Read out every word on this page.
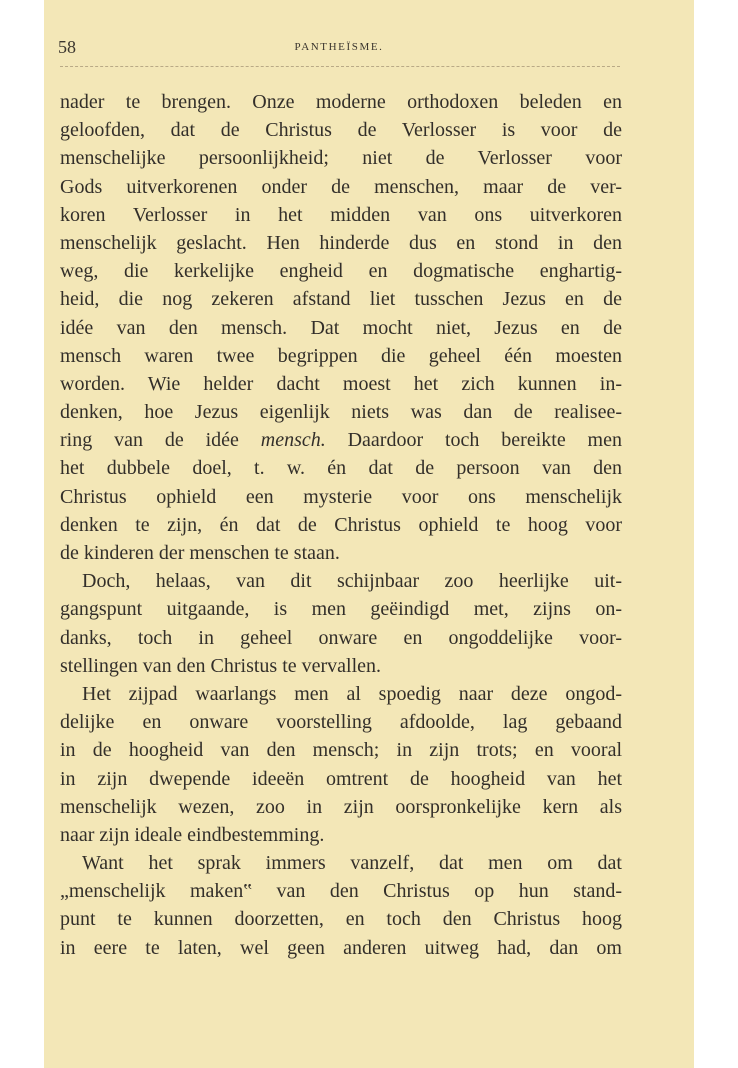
58	PANTHEÏSME.
nader te brengen. Onze moderne orthodoxen beleden en
geloofden, dat de Christus de Verlosser is voor de
menschelijke persoonlijkheid; niet de Verlosser voor
Gods uitverkorenen onder de menschen, maar de ver-
koren Verlosser in het midden van ons uitverkoren
menschelijk geslacht. Hen hinderde dus en stond in den
weg, die kerkelijke engheid en dogmatische enghartig-
heid, die nog zekeren afstand liet tusschen Jezus en de
idée van den mensch. Dat mocht niet, Jezus en de
mensch waren twee begrippen die geheel één moesten
worden. Wie helder dacht moest het zich kunnen in-
denken, hoe Jezus eigenlijk niets was dan de realisee-
ring van de idée mensch. Daardoor toch bereikte men
het dubbele doel, t. w. én dat de persoon van den
Christus ophield een mysterie voor ons menschelijk
denken te zijn, én dat de Christus ophield te hoog voor
de kinderen der menschen te staan.
Doch, helaas, van dit schijnbaar zoo heerlijke uit-
gangspunt uitgaande, is men geëindigd met, zijns on-
danks, toch in geheel onware en ongoddelijke voor-
stellingen van den Christus te vervallen.
Het zijpad waarlangs men al spoedig naar deze ongod-
delijke en onware voorstelling afdoolde, lag gebaand
in de hoogheid van den mensch; in zijn trots; en vooral
in zijn dwepende ideeën omtrent de hoogheid van het
menschelijk wezen, zoo in zijn oorspronkelijke kern als
naar zijn ideale eindbestemming.
Want het sprak immers vanzelf, dat men om dat
„menschelijk maken‟ van den Christus op hun stand-
punt te kunnen doorzetten, en toch den Christus hoog
in eere te laten, wel geen anderen uitweg had, dan om
